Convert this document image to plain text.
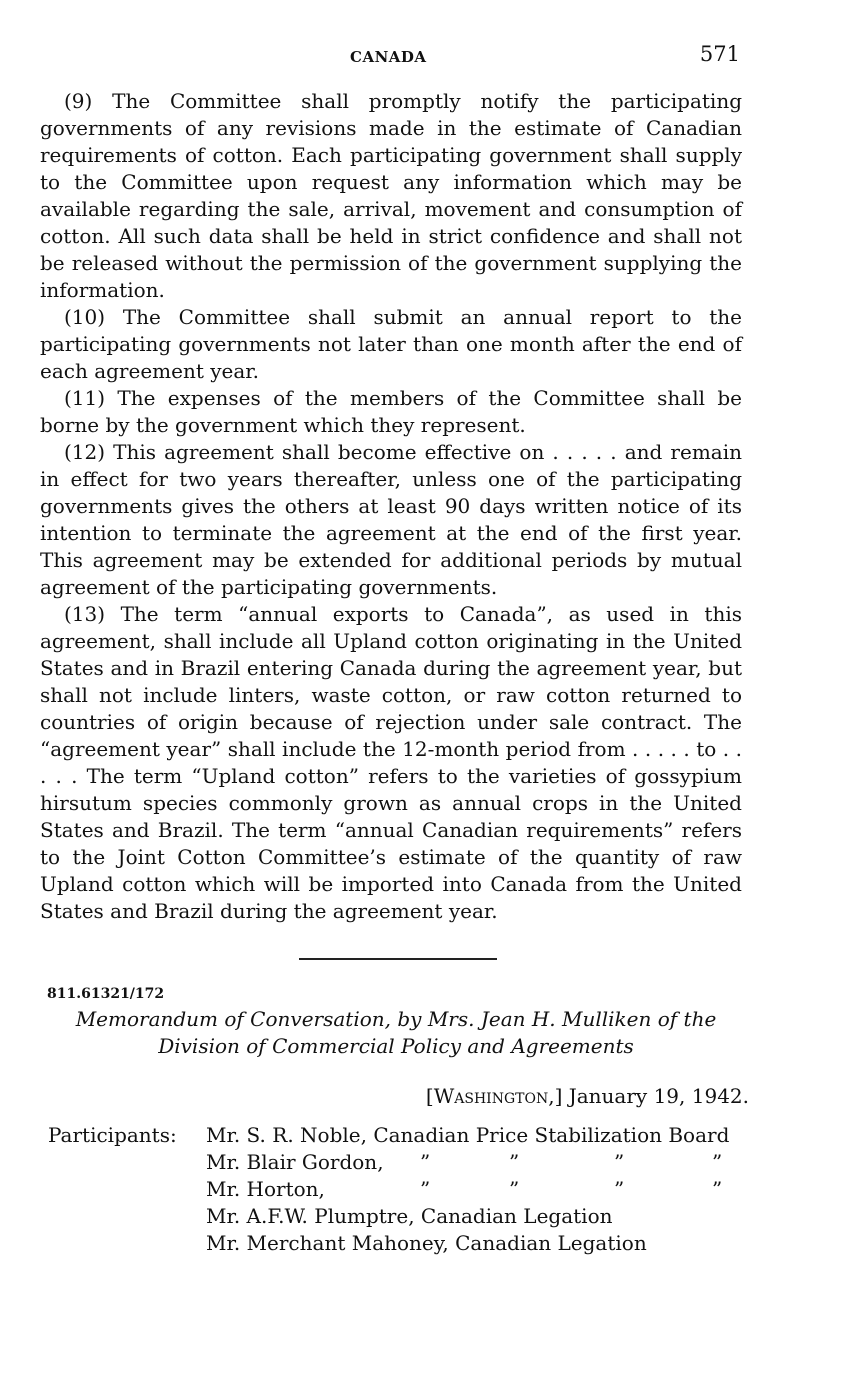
CANADA	571

(9) The Committee shall promptly notify the participating governments of any revisions made in the estimate of Canadian requirements of cotton. Each participating government shall supply to the Committee upon request any information which may be available regarding the sale, arrival, movement and consumption of cotton. All such data shall be held in strict confidence and shall not be released without the permission of the government supplying the information.

(10) The Committee shall submit an annual report to the participating governments not later than one month after the end of each agreement year.

(11) The expenses of the members of the Committee shall be borne by the government which they represent.

(12) This agreement shall become effective on . . . . . and remain in effect for two years thereafter, unless one of the participating governments gives the others at least 90 days written notice of its intention to terminate the agreement at the end of the first year. This agreement may be extended for additional periods by mutual agreement of the participating governments.

(13) The term “annual exports to Canada”, as used in this agreement, shall include all Upland cotton originating in the United States and in Brazil entering Canada during the agreement year, but shall not include linters, waste cotton, or raw cotton returned to countries of origin because of rejection under sale contract. The “agreement year” shall include the 12-month period from . . . . . to . . . . . The term “Upland cotton” refers to the varieties of gossypium hirsutum species commonly grown as annual crops in the United States and Brazil. The term “annual Canadian requirements” refers to the Joint Cotton Committee’s estimate of the quantity of raw Upland cotton which will be imported into Canada from the United States and Brazil during the agreement year.

811.61321/172
Memorandum of Conversation, by Mrs. Jean H. Mulliken of the
Division of Commercial Policy and Agreements
[Washington,] January 19, 1942.
Participants: Mr. S. R. Noble, Canadian Price Stabilization Board
Mr. Blair Gordon, ”	”	”	”
Mr. Horton,	”	”	”	”
Mr. A.F.W. Plumptre, Canadian Legation
Mr. Merchant Mahoney, Canadian Legation
